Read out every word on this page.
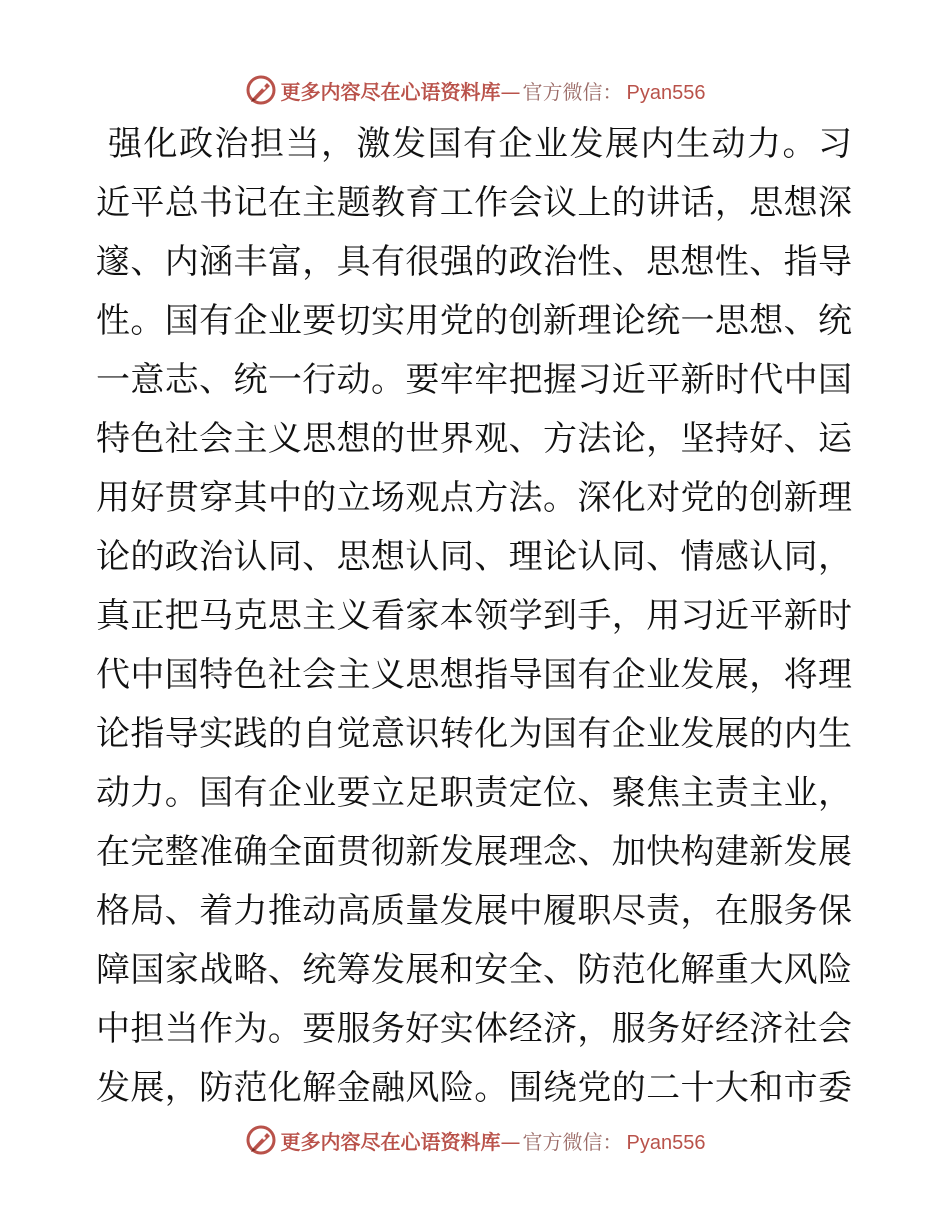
更多内容尽在心语资料库 — 官方微信 ： Pyan556
强化政治担当，激发国有企业发展内生动力。习
近平总书记在主题教育工作会议上的讲话，思想深
邃、内涵丰富，具有很强的政治性、思想性、指导
性。国有企业要切实用党的创新理论统一思想、统
一意志、统一行动。要牢牢把握习近平新时代中国
特色社会主义思想的世界观、方法论，坚持好、运
用好贯穿其中的立场观点方法。深化对党的创新理
论的政治认同、思想认同、理论认同、情感认同，
真正把马克思主义看家本领学到手，用习近平新时
代中国特色社会主义思想指导国有企业发展，将理
论指导实践的自觉意识转化为国有企业发展的内生
动力。国有企业要立足职责定位、聚焦主责主业，
在完整准确全面贯彻新发展理念、加快构建新发展
格局、着力推动高质量发展中履职尽责，在服务保
障国家战略、统筹发展和安全、防范化解重大风险
中担当作为。要服务好实体经济，服务好经济社会
发展，防范化解金融风险。围绕党的二十大和市委
更多内容尽在心语资料库 — 官方微信 ： Pyan556
